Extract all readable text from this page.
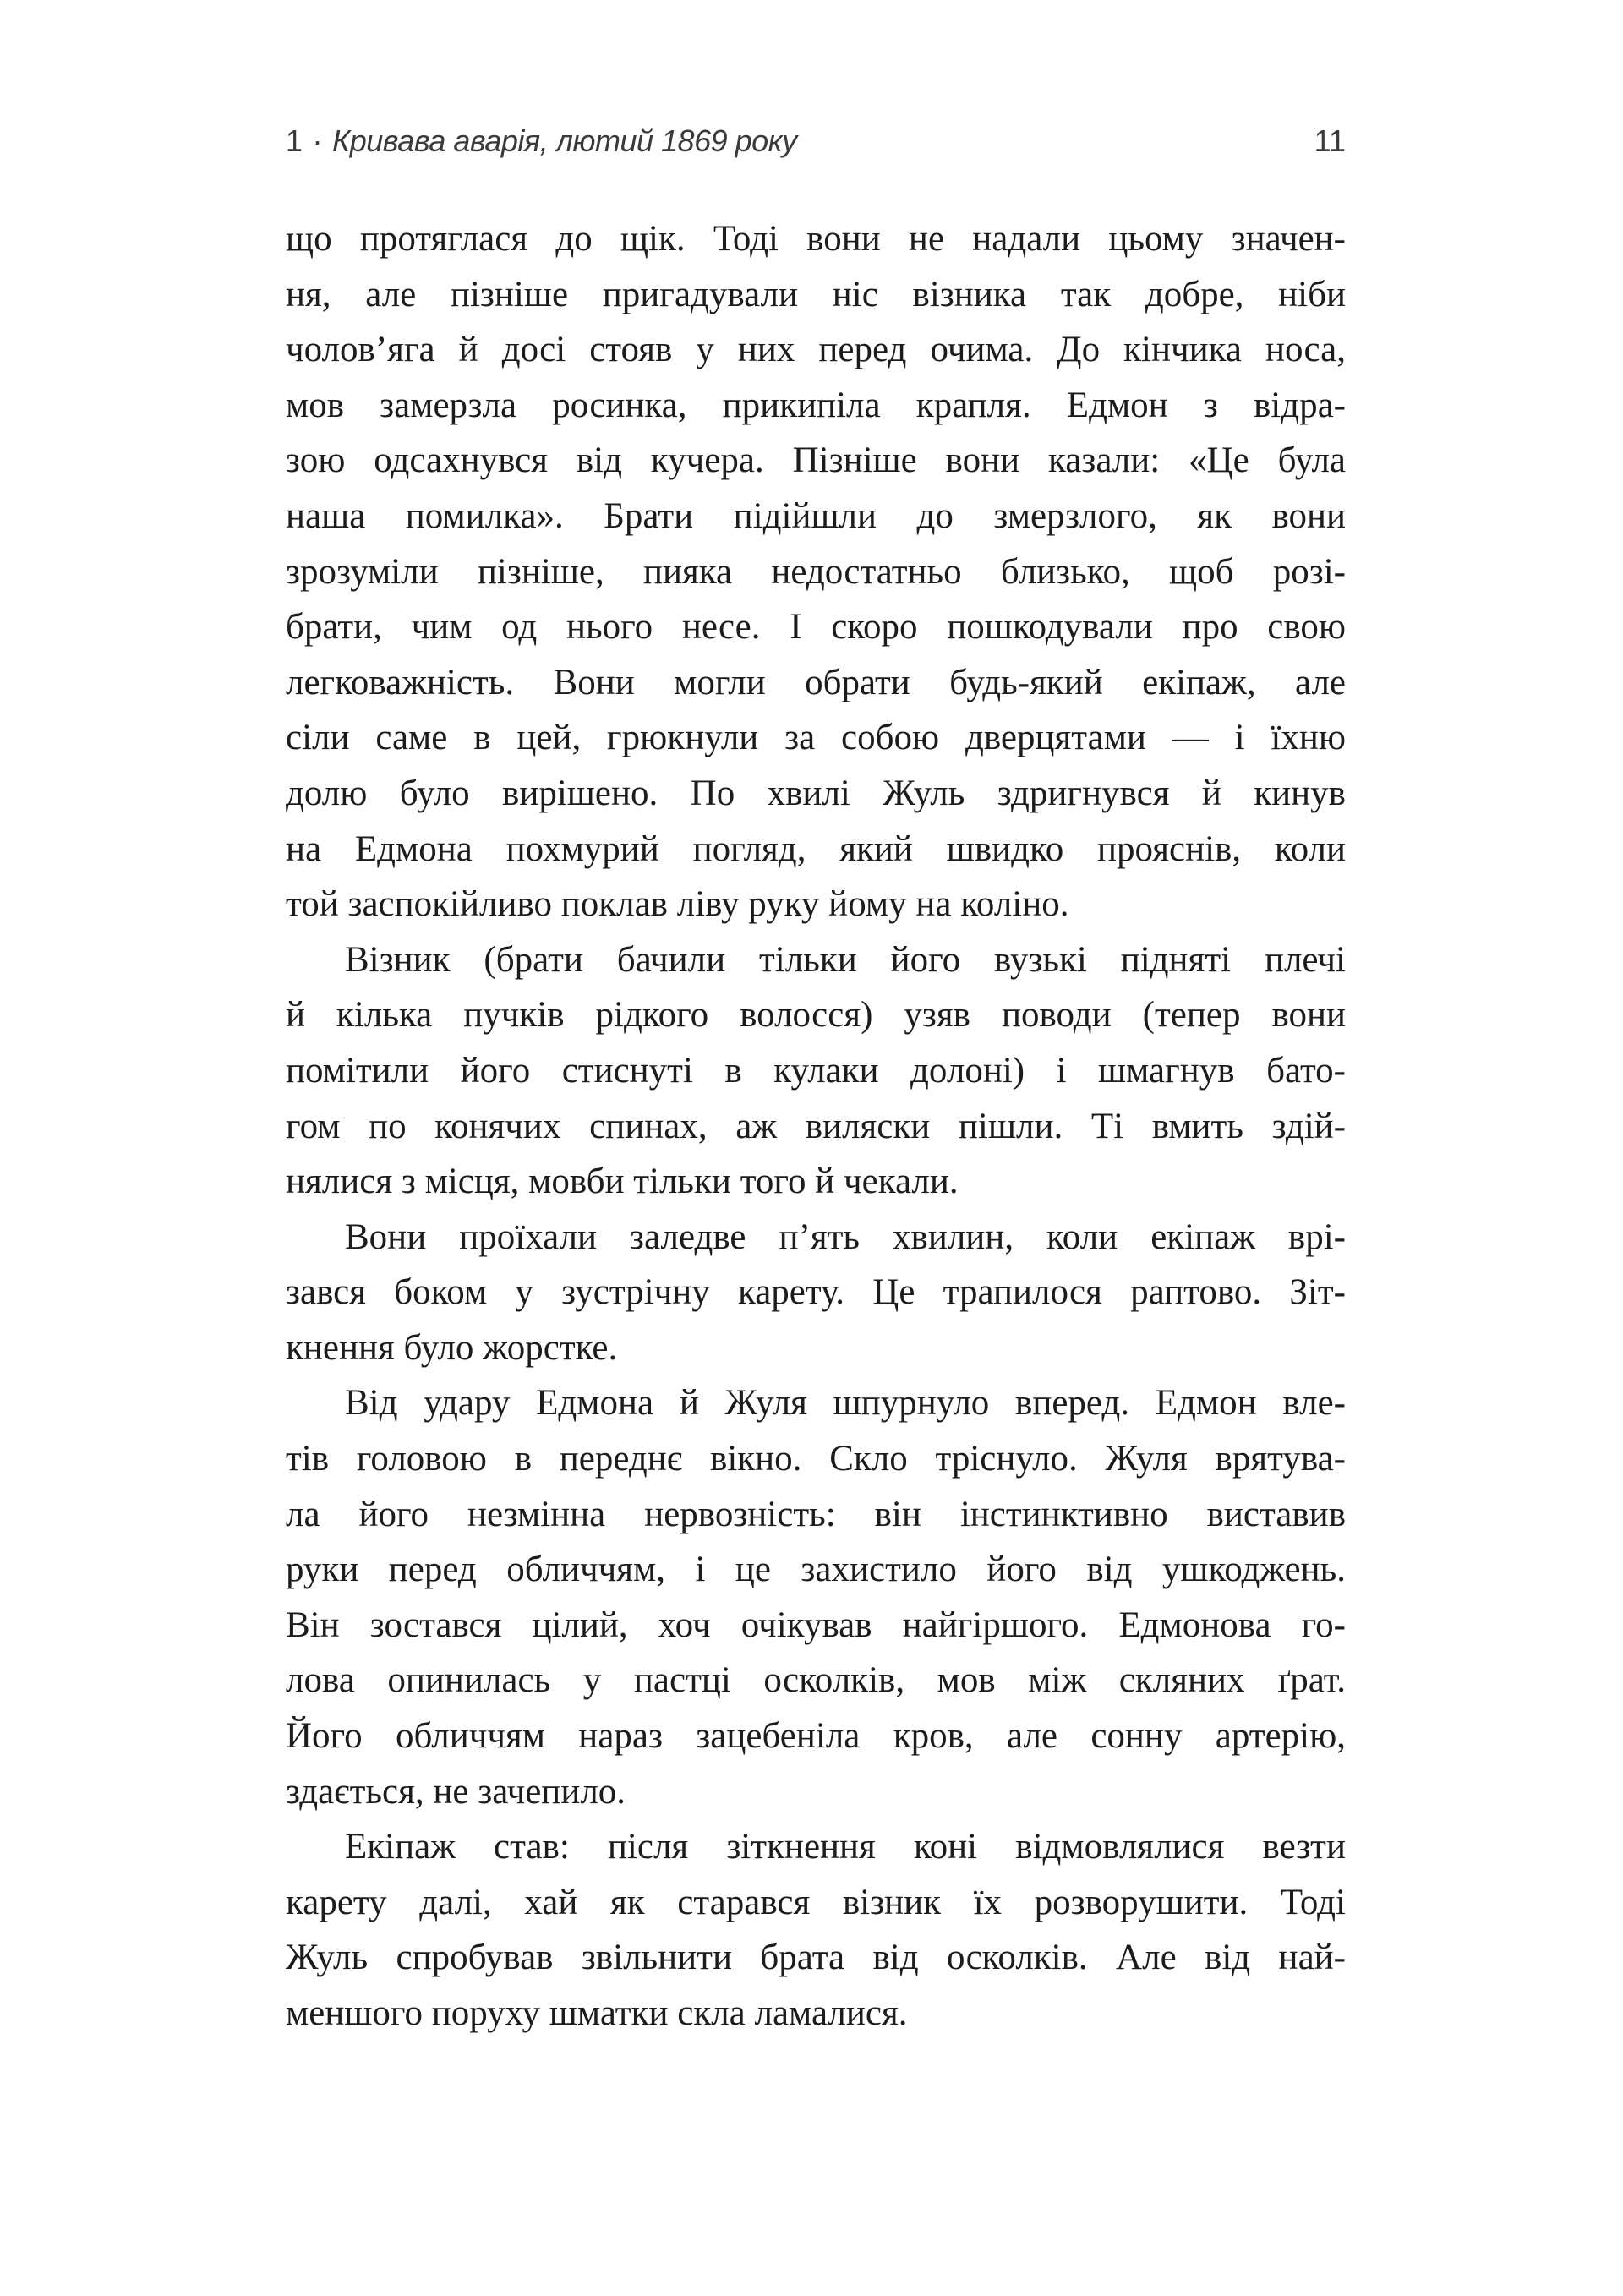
1 · Кривава аварія, лютий 1869 року	11
що протяглася до щік. Тоді вони не надали цьому значен-
ня, але пізніше пригадували ніс візника так добре, ніби
чолов’яга й досі стояв у них перед очима. До кінчика носа,
мов замерзла росинка, прикипіла крапля. Едмон з відра-
зою одсахнувся від кучера. Пізніше вони казали: «Це була
наша помилка». Брати підійшли до змерзлого, як вони
зрозуміли пізніше, пияка недостатньо близько, щоб розі-
брати, чим од нього несе. І скоро пошкодували про свою
легковажність. Вони могли обрати будь-який екіпаж, але
сіли саме в цей, грюкнули за собою дверцятами — і їхню
долю було вирішено. По хвилі Жуль здригнувся й кинув
на Едмона похмурий погляд, який швидко прояснів, коли
той заспокійливо поклав ліву руку йому на коліно.
Візник (брати бачили тільки його вузькі підняті плечі
й кілька пучків рідкого волосся) узяв поводи (тепер вони
помітили його стиснуті в кулаки долоні) і шмагнув бато-
гом по конячих спинах, аж виляски пішли. Ті вмить здій-
нялися з місця, мовби тільки того й чекали.
Вони проїхали заледве п’ять хвилин, коли екіпаж врі-
зався боком у зустрічну карету. Це трапилося раптово. Зіт-
кнення було жорстке.
Від удару Едмона й Жуля шпурнуло вперед. Едмон вле-
тів головою в переднє вікно. Скло тріснуло. Жуля врятува-
ла його незмінна нервозність: він інстинктивно виставив
руки перед обличчям, і це захистило його від ушкоджень.
Він зостався цілий, хоч очікував найгіршого. Едмонова го-
лова опинилась у пастці осколків, мов між скляних ґрат.
Його обличчям нараз зацебеніла кров, але сонну артерію,
здається, не зачепило.
Екіпаж став: після зіткнення коні відмовлялися везти
карету далі, хай як старався візник їх розворушити. Тоді
Жуль спробував звільнити брата від осколків. Але від най-
меншого поруху шматки скла ламалися.
